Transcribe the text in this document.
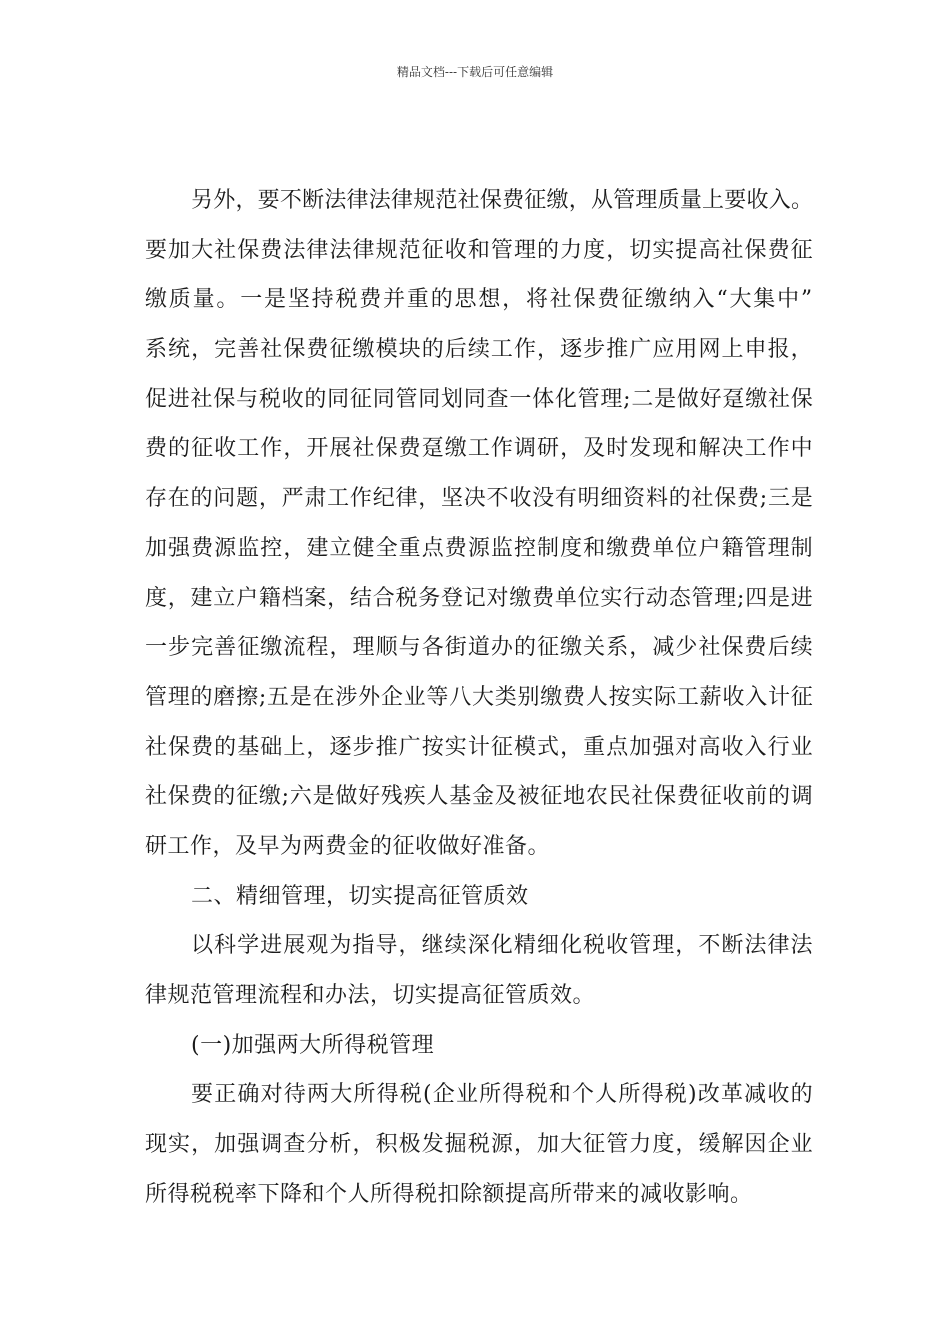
精品文档---下载后可任意编辑
另外，要不断法律法律规范社保费征缴，从管理质量上要收入。
要加大社保费法律法律规范征收和管理的力度，切实提高社保费征
缴质量。一是坚持税费并重的思想，将社保费征缴纳入“大集中”
系统，完善社保费征缴模块的后续工作，逐步推广应用网上申报，
促进社保与税收的同征同管同划同查一体化管理;二是做好趸缴社保
费的征收工作，开展社保费趸缴工作调研，及时发现和解决工作中
存在的问题，严肃工作纪律，坚决不收没有明细资料的社保费;三是
加强费源监控，建立健全重点费源监控制度和缴费单位户籍管理制
度，建立户籍档案，结合税务登记对缴费单位实行动态管理;四是进
一步完善征缴流程，理顺与各街道办的征缴关系，减少社保费后续
管理的磨擦;五是在涉外企业等八大类别缴费人按实际工薪收入计征
社保费的基础上，逐步推广按实计征模式，重点加强对高收入行业
社保费的征缴;六是做好残疾人基金及被征地农民社保费征收前的调
研工作，及早为两费金的征收做好准备。
二、精细管理，切实提高征管质效
以科学进展观为指导，继续深化精细化税收管理，不断法律法
律规范管理流程和办法，切实提高征管质效。
(一)加强两大所得税管理
要正确对待两大所得税(企业所得税和个人所得税)改革减收的
现实，加强调查分析，积极发掘税源，加大征管力度，缓解因企业
所得税税率下降和个人所得税扣除额提高所带来的减收影响。
